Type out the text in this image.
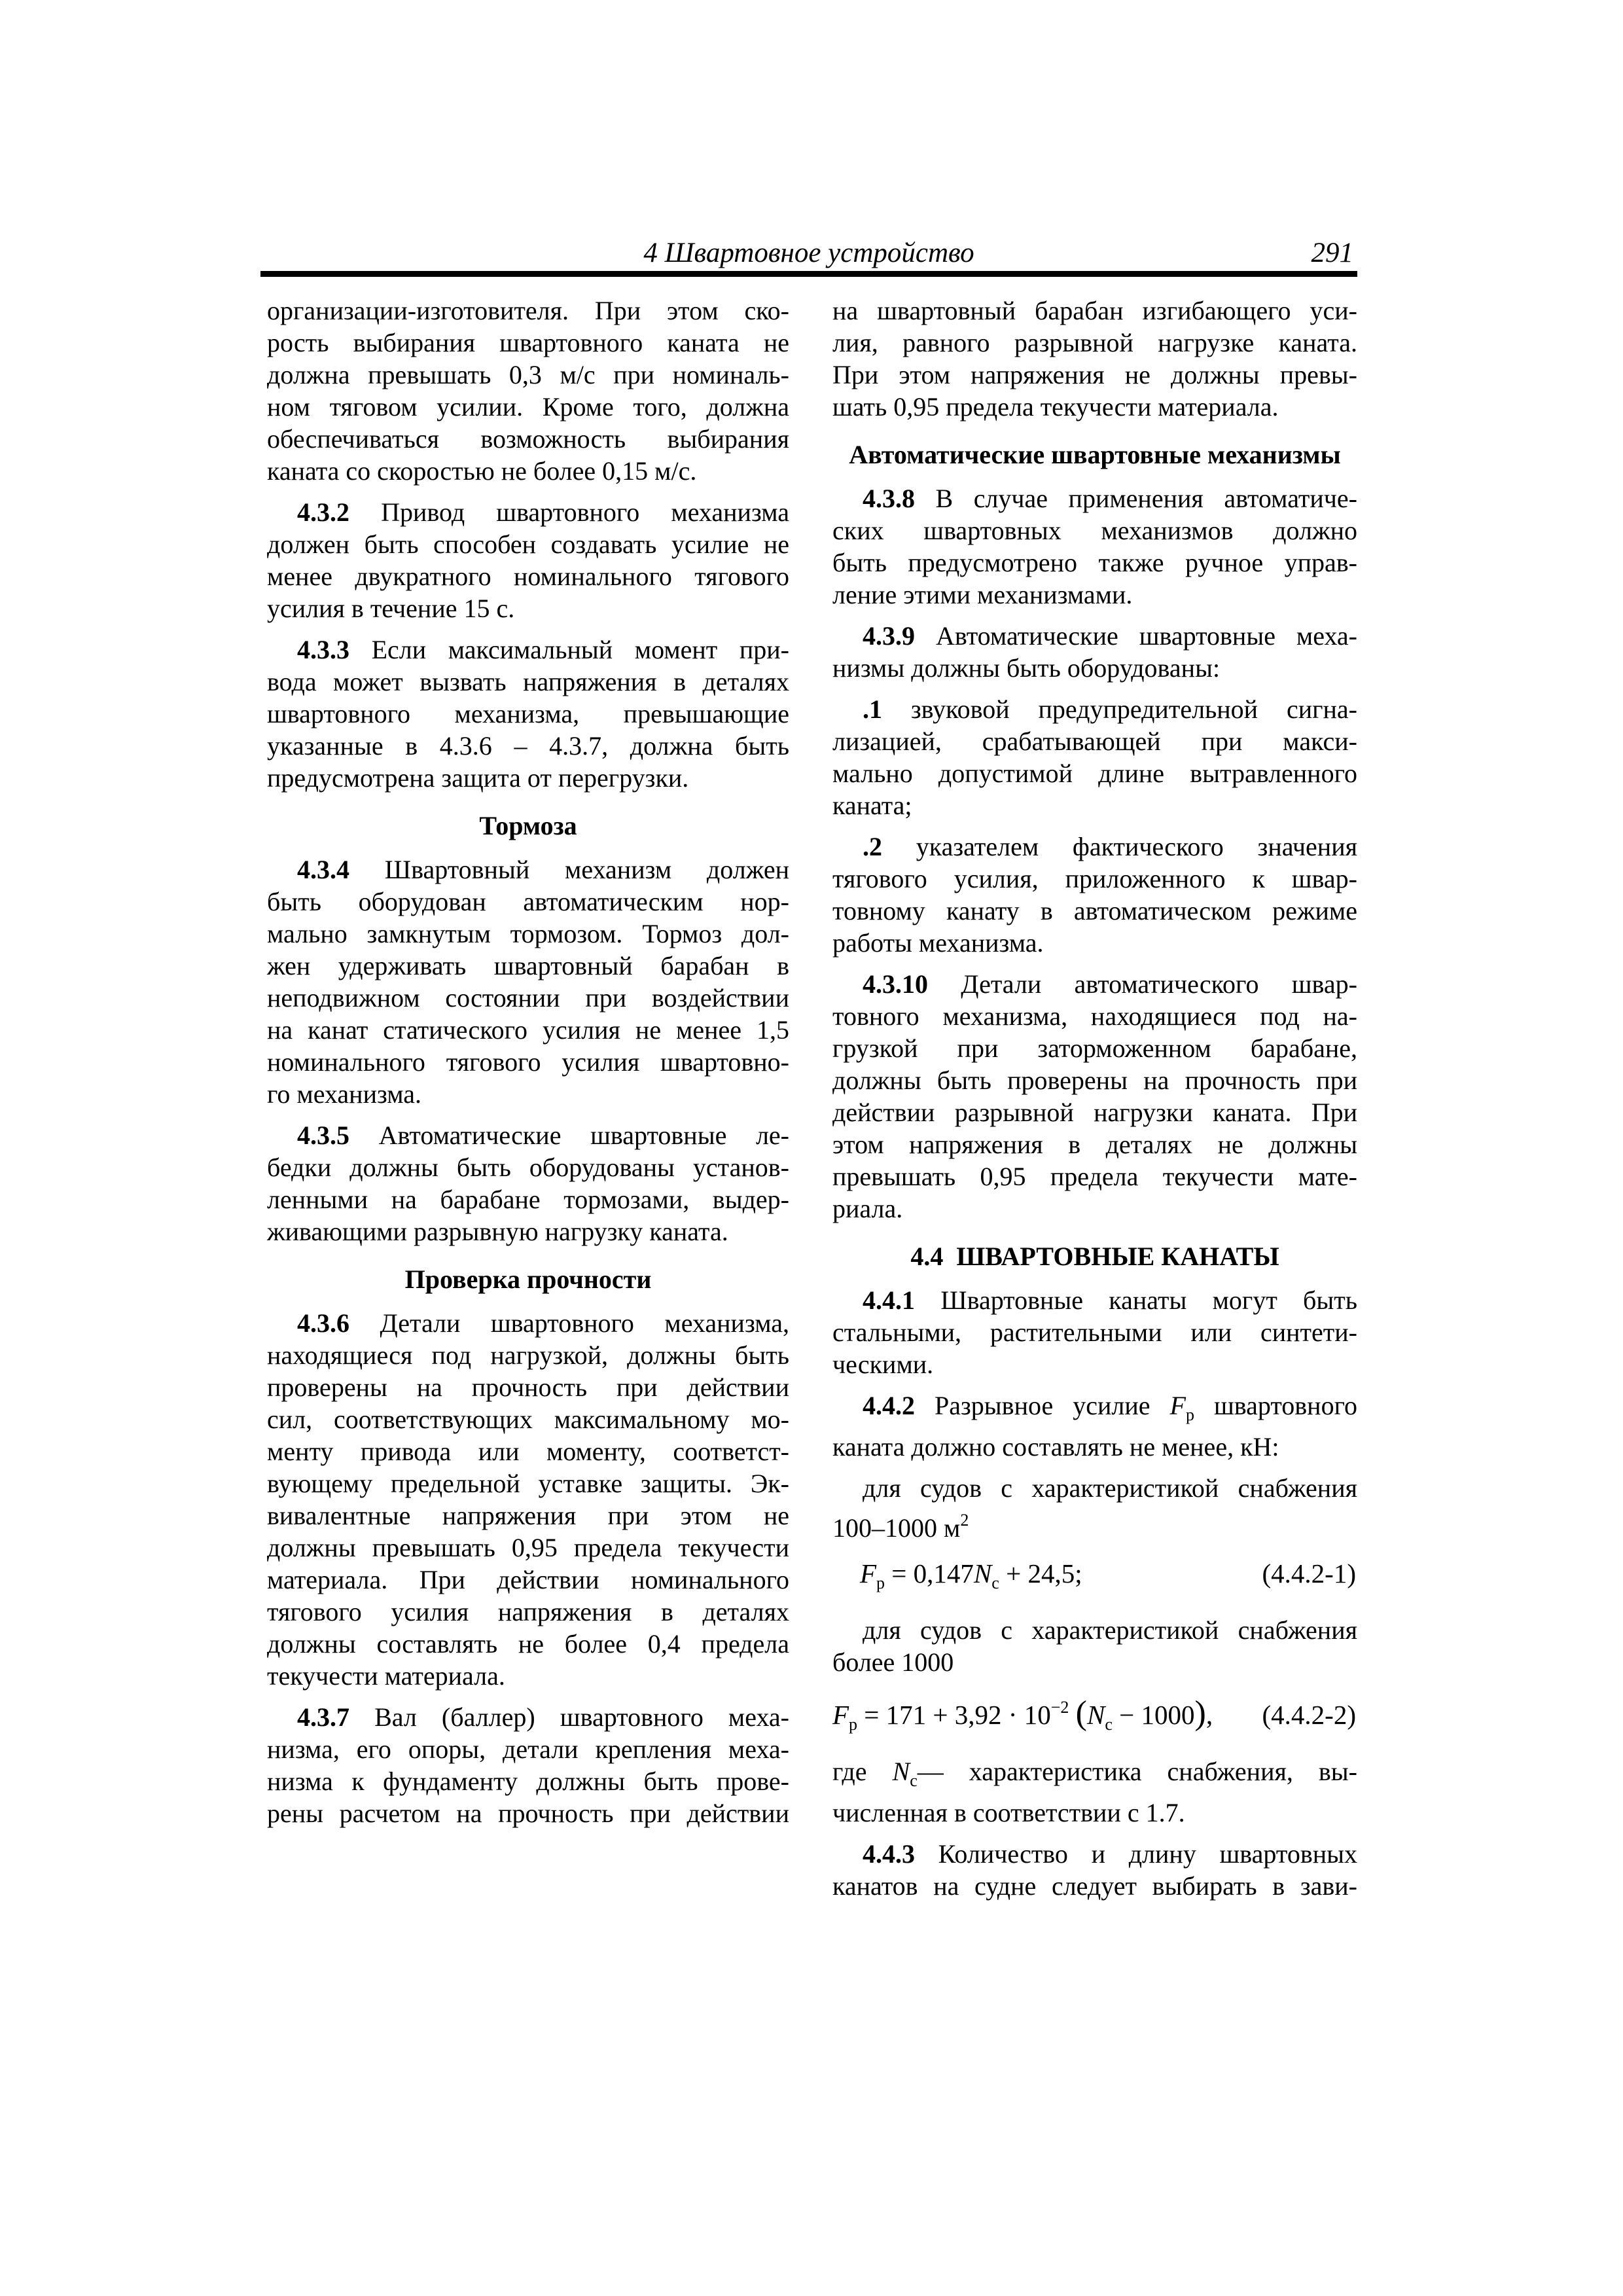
4 Швартовное устройство	291
организации-изготовителя. При этом ско-
рость выбирания швартовного каната не
должна превышать 0,3 м/с при номиналь-
ном тяговом усилии. Кроме того, должна
обеспечиваться возможность выбирания
каната со скоростью не более 0,15 м/с.
4.3.2 Привод швартовного механизма
должен быть способен создавать усилие не
менее двукратного номинального тягового
усилия в течение 15 с.
4.3.3 Если максимальный момент при-
вода может вызвать напряжения в деталях
швартовного механизма, превышающие
указанные в 4.3.6 – 4.3.7, должна быть
предусмотрена защита от перегрузки.
Тормоза
4.3.4 Швартовный механизм должен
быть оборудован автоматическим нор-
мально замкнутым тормозом. Тормоз дол-
жен удерживать швартовный барабан в
неподвижном состоянии при воздействии
на канат статического усилия не менее 1,5
номинального тягового усилия швартовно-
го механизма.
4.3.5 Автоматические швартовные ле-
бедки должны быть оборудованы установ-
ленными на барабане тормозами, выдер-
живающими разрывную нагрузку каната.
Проверка прочности
4.3.6 Детали швартовного механизма,
находящиеся под нагрузкой, должны быть
проверены на прочность при действии
сил, соответствующих максимальному мо-
менту привода или моменту, соответст-
вующему предельной уставке защиты. Эк-
вивалентные напряжения при этом не
должны превышать 0,95 предела текучести
материала. При действии номинального
тягового усилия напряжения в деталях
должны составлять не более 0,4 предела
текучести материала.
4.3.7 Вал (баллер) швартовного меха-
низма, его опоры, детали крепления меха-
низма к фундаменту должны быть прове-
рены расчетом на прочность при действии
на швартовный барабан изгибающего уси-
лия, равного разрывной нагрузке каната.
При этом напряжения не должны превы-
шать 0,95 предела текучести материала.
Автоматические швартовные механизмы
4.3.8 В случае применения автоматиче-
ских швартовных механизмов должно
быть предусмотрено также ручное управ-
ление этими механизмами.
4.3.9 Автоматические швартовные меха-
низмы должны быть оборудованы:
.1 звуковой предупредительной сигна-
лизацией, срабатывающей при макси-
мально допустимой длине вытравленного
каната;
.2 указателем фактического значения
тягового усилия, приложенного к швар-
товному канату в автоматическом режиме
работы механизма.
4.3.10 Детали автоматического швар-
товного механизма, находящиеся под на-
грузкой при заторможенном барабане,
должны быть проверены на прочность при
действии разрывной нагрузки каната. При
этом напряжения в деталях не должны
превышать 0,95 предела текучести мате-
риала.
4.4  ШВАРТОВНЫЕ КАНАТЫ
4.4.1 Швартовные канаты могут быть
стальными, растительными или синтети-
ческими.
4.4.2 Разрывное усилие $F_р$ швартовного
каната должно составлять не менее, кН:
для судов с характеристикой снабжения
100–1000 $м^2$
$F_р = 0,147N_с + 24,5$;	(4.4.2-1)
для судов с характеристикой снабжения
более 1000
$F_р = 171 + 3,92 \cdot 10^{-2}$ $(N_с - 1000)$, (4.4.2-2)
где $N_с—$ характеристика снабжения, вы-
численная в соответствии с 1.7.
4.4.3 Количество и длину швартовных
канатов на судне следует выбирать в зави-
